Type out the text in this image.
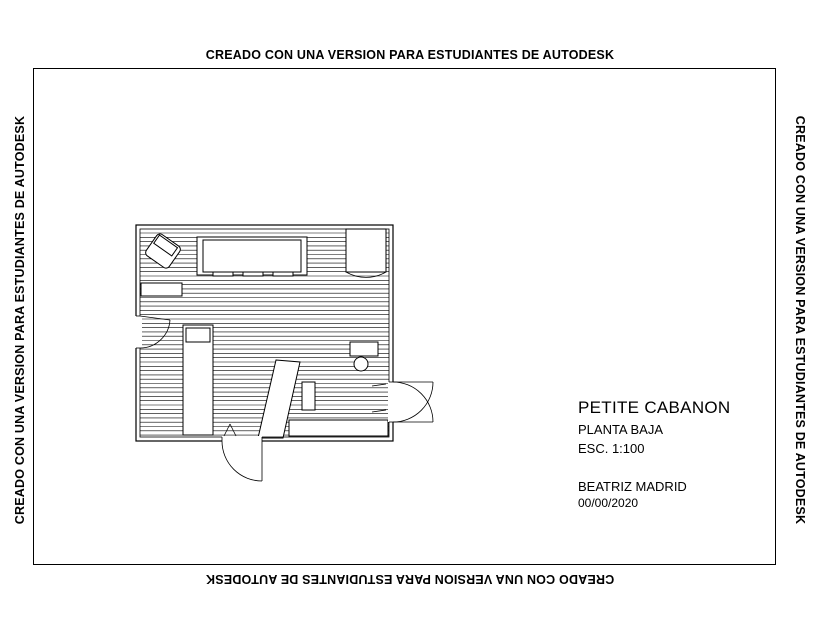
CREADO CON UNA VERSION PARA ESTUDIANTES DE AUTODESK
CREADO CON UNA VERSION PARA ESTUDIANTES DE AUTODESK
CREADO CON UNA VERSION PARA ESTUDIANTES DE AUTODESK	CREADO CON UNA VERSION PARA ESTUDIANTES DE AUTODESK
PETITE CABANON
PLANTA BAJA
ESC. 1:100
BEATRIZ MADRID
00/00/2020
